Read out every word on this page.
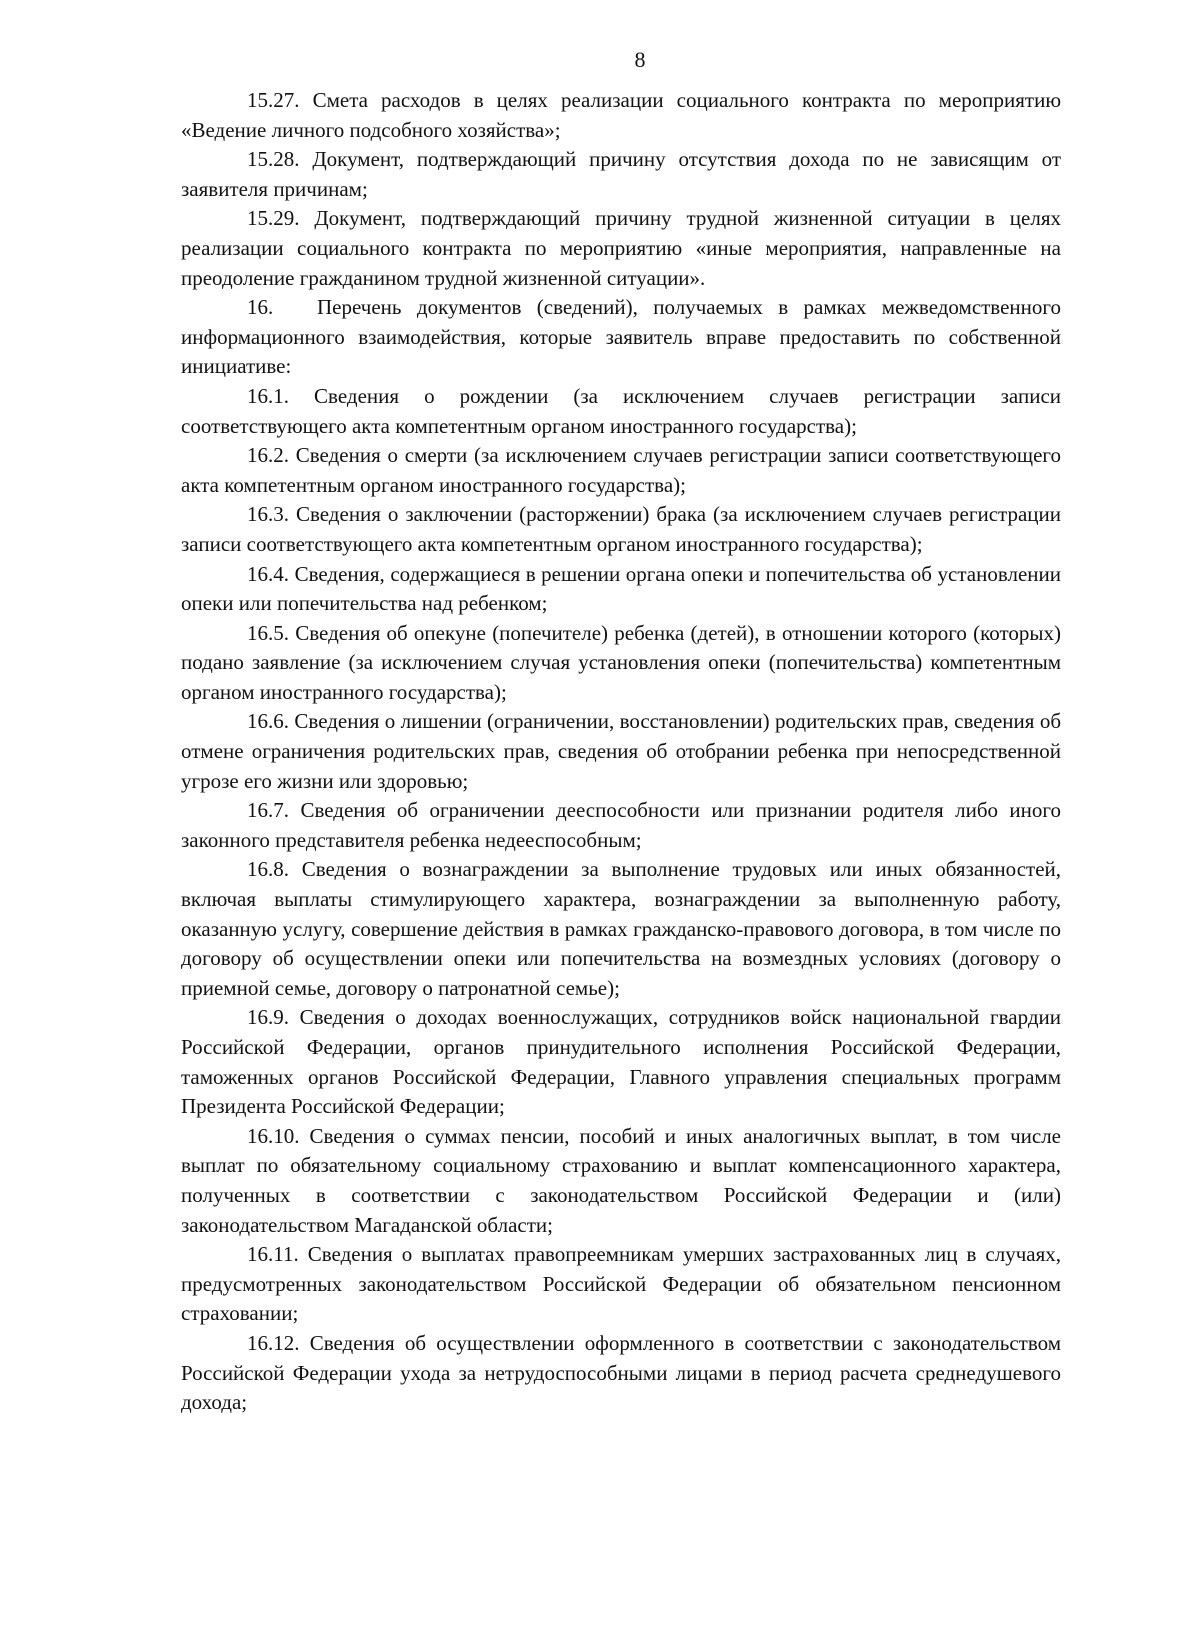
8

15.27. Смета расходов в целях реализации социального контракта по мероприятию «Ведение личного подсобного хозяйства»;

15.28. Документ, подтверждающий причину отсутствия дохода по не зависящим от заявителя причинам;

15.29. Документ, подтверждающий причину трудной жизненной ситуации в целях реализации социального контракта по мероприятию «иные мероприятия, направленные на преодоление гражданином трудной жизненной ситуации».

16. Перечень документов (сведений), получаемых в рамках межведомственного информационного взаимодействия, которые заявитель вправе предоставить по собственной инициативе:

16.1. Сведения о рождении (за исключением случаев регистрации записи соответствующего акта компетентным органом иностранного государства);

16.2. Сведения о смерти (за исключением случаев регистрации записи соответствующего акта компетентным органом иностранного государства);

16.3. Сведения о заключении (расторжении) брака (за исключением случаев регистрации записи соответствующего акта компетентным органом иностранного государства);

16.4. Сведения, содержащиеся в решении органа опеки и попечительства об установлении опеки или попечительства над ребенком;

16.5. Сведения об опекуне (попечителе) ребенка (детей), в отношении которого (которых) подано заявление (за исключением случая установления опеки (попечительства) компетентным органом иностранного государства);

16.6. Сведения о лишении (ограничении, восстановлении) родительских прав, сведения об отмене ограничения родительских прав, сведения об отобрании ребенка при непосредственной угрозе его жизни или здоровью;

16.7. Сведения об ограничении дееспособности или признании родителя либо иного законного представителя ребенка недееспособным;

16.8. Сведения о вознаграждении за выполнение трудовых или иных обязанностей, включая выплаты стимулирующего характера, вознаграждении за выполненную работу, оказанную услугу, совершение действия в рамках гражданско-правового договора, в том числе по договору об осуществлении опеки или попечительства на возмездных условиях (договору о приемной семье, договору о патронатной семье);

16.9. Сведения о доходах военнослужащих, сотрудников войск национальной гвардии Российской Федерации, органов принудительного исполнения Российской Федерации, таможенных органов Российской Федерации, Главного управления специальных программ Президента Российской Федерации;

16.10. Сведения о суммах пенсии, пособий и иных аналогичных выплат, в том числе выплат по обязательному социальному страхованию и выплат компенсационного характера, полученных в соответствии с законодательством Российской Федерации и (или) законодательством Магаданской области;

16.11. Сведения о выплатах правопреемникам умерших застрахованных лиц в случаях, предусмотренных законодательством Российской Федерации об обязательном пенсионном страховании;

16.12. Сведения об осуществлении оформленного в соответствии с законодательством Российской Федерации ухода за нетрудоспособными лицами в период расчета среднедушевого дохода;
